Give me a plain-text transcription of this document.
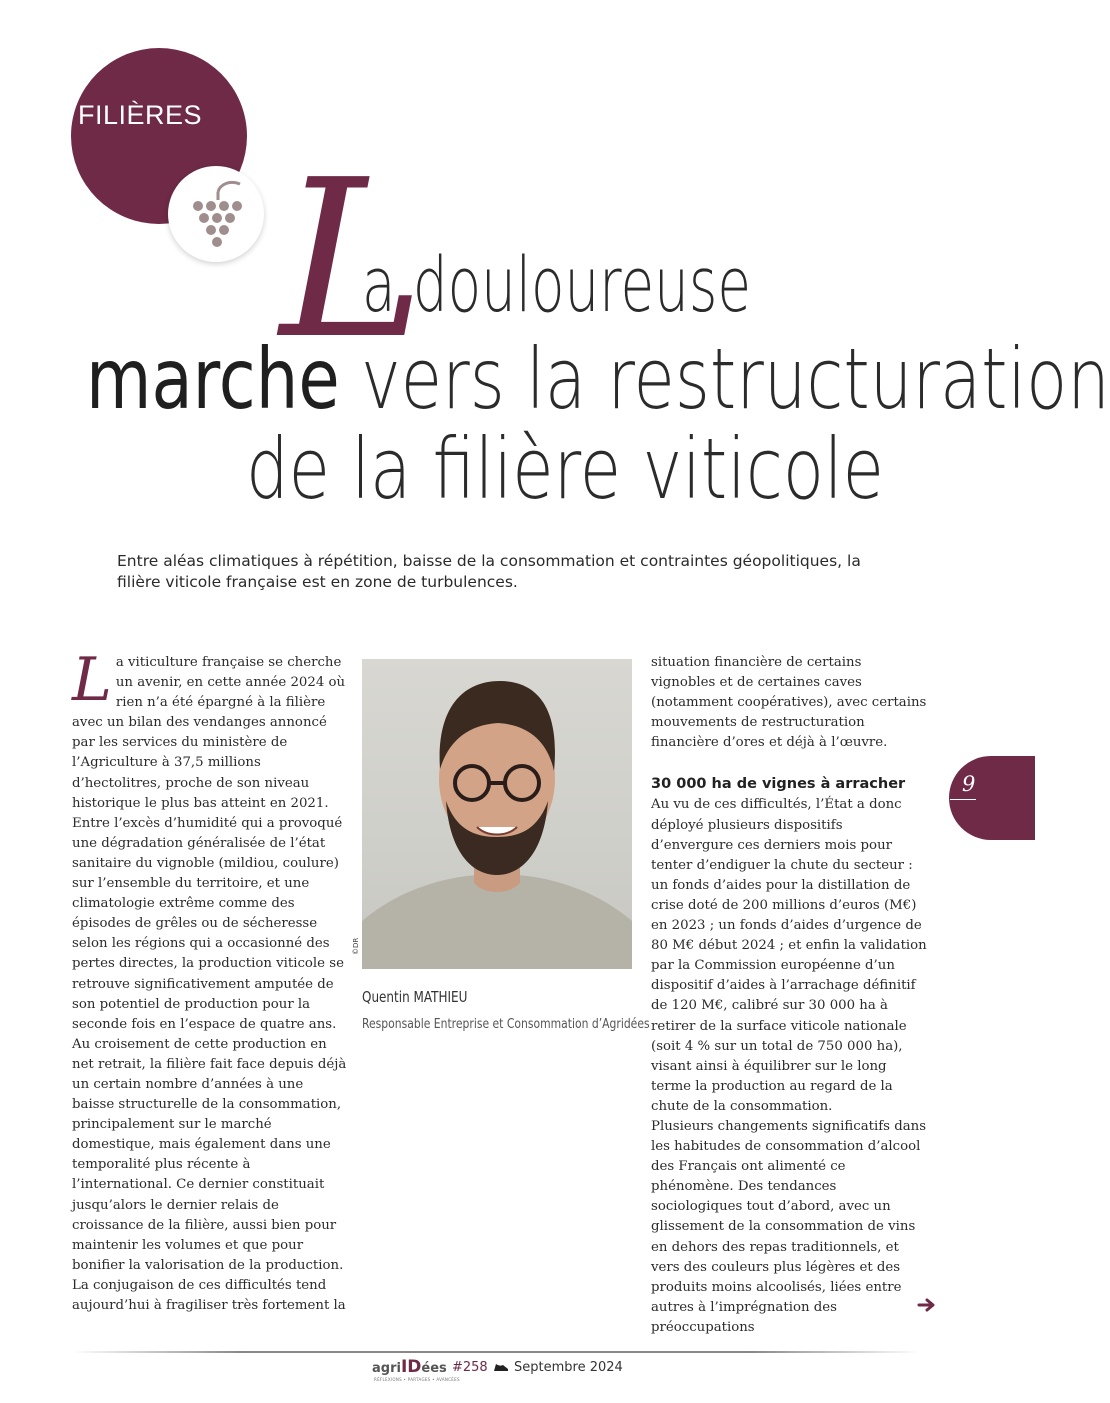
FILIÈRES
L
a douloureuse
marche vers la restructuration
de la filière viticole
Entre aléas climatiques à répétition, baisse de la consommation et contraintes géopolitiques, la filière viticole française est en zone de turbulences.

La viticulture française se cherche un avenir, en cette année 2024 où rien n’a été épargné à la filière avec un bilan des vendanges annoncé par les services du ministère de l’Agriculture à 37,5 millions d’hectolitres, proche de son niveau historique le plus bas atteint en 2021.

Entre l’excès d’humidité qui a provoqué une dégradation généralisée de l’état sanitaire du vignoble (mildiou, coulure) sur l’ensemble du territoire, et une climatologie extrême comme des épisodes de grêles ou de sécheresse selon les régions qui a occasionné des pertes directes, la production viticole se retrouve significativement amputée de son potentiel de production pour la seconde fois en l’espace de quatre ans.

Au croisement de cette production en net retrait, la filière fait face depuis déjà un certain nombre d’années à une baisse structurelle de la consommation, principalement sur le marché domestique, mais également dans une temporalité plus récente à l’international. Ce dernier constituait jusqu’alors le dernier relais de croissance de la filière, aussi bien pour maintenir les volumes et que pour bonifier la valorisation de la production. La conjugaison de ces difficultés tend aujourd’hui à fragiliser très fortement la

©DR
Quentin MATHIEU
Responsable Entreprise et Consommation d’Agridées

situation financière de certains vignobles et de certaines caves (notamment coopératives), avec certains mouvements de restructuration financière d’ores et déjà à l’œuvre.

30 000 ha de vignes à arracher

Au vu de ces difficultés, l’État a donc déployé plusieurs dispositifs d’envergure ces derniers mois pour tenter d’endiguer la chute du secteur : un fonds d’aides pour la distillation de crise doté de 200 millions d’euros (M€) en 2023 ; un fonds d’aides d’urgence de 80 M€ début 2024 ; et enfin la validation par la Commission européenne d’un dispositif d’aides à l’arrachage définitif de 120 M€, calibré sur 30 000 ha à retirer de la surface viticole nationale (soit 4 % sur un total de 750 000 ha), visant ainsi à équilibrer sur le long terme la production au regard de la chute de la consommation.

Plusieurs changements significatifs dans les habitudes de consommation d’alcool des Français ont alimenté ce phénomène. Des tendances sociologiques tout d’abord, avec un glissement de la consommation de vins en dehors des repas traditionnels, et vers des couleurs plus légères et des produits moins alcoolisés, liées entre autres à l’imprégnation des préoccupations

9
agriIDées
RÉFLEXIONS • PARTAGES • AVANCÉES
#258 Septembre 2024
